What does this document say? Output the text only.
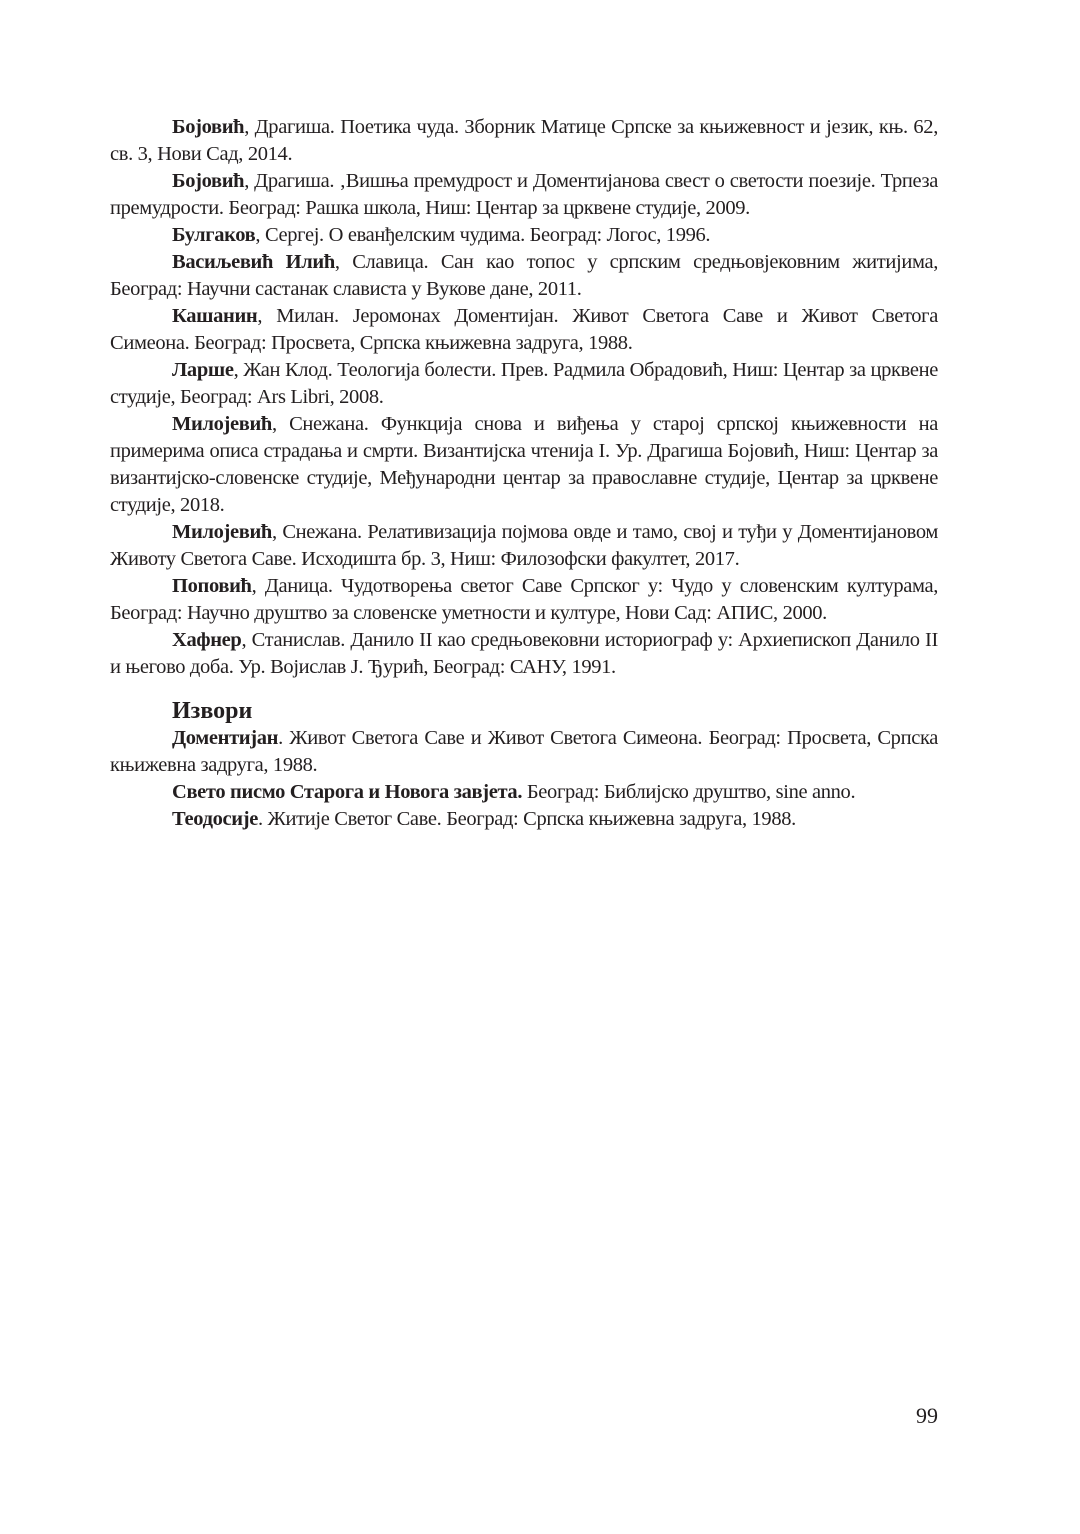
Бојовић, Драгиша. Поетика чуда. Зборник Матице Српске за књижевност и језик, књ. 62, св. 3, Нови Сад, 2014.

Бојовић, Драгиша. ‚Вишња премудрост и Доментијанова свест о светости поезије. Трпеза премудрости. Београд: Рашка школа, Ниш: Центар за црквене студије, 2009.

Булгаков, Сергеј. О еванђелским чудима. Београд: Логос, 1996.

Васиљевић Илић, Славица. Сан као топос у српским средњовјековним житијима, Београд: Научни састанак слависта у Вукове дане, 2011.

Кашанин, Милан. Јеромонах Доментијан. Живот Светога Саве и Живот Светога Симеона. Београд: Просвета, Српска књижевна задруга, 1988.

Ларше, Жан Клод. Теологија болести. Прев. Радмила Обрадовић, Ниш: Центар за црквене студије, Београд: Ars Libri, 2008.

Милојевић, Снежана. Функција снова и виђења у старој српској књижевности на примерима описа страдања и смрти. Византијска чтенија I. Ур. Драгиша Бојовић, Ниш: Центар за византијско-словенске студије, Међународни центар за православне студије, Центар за црквене студије, 2018.

Милојевић, Снежана. Релативизација појмова овде и тамо, свој и туђи у Доментијановом Животу Светога Саве. Исходишта бр. 3, Ниш: Филозофски факултет, 2017.

Поповић, Даница. Чудотворења светог Саве Српског у: Чудо у словенским културама, Београд: Научно друштво за словенске уметности и културе, Нови Сад: АПИС, 2000.

Хафнер, Станислав. Данило II као средњовековни историограф у: Архиепископ Данило II и његово доба. Ур. Војислав Ј. Ђурић, Београд: САНУ, 1991.

Извори

Доментијан. Живот Светога Саве и Живот Светога Симеона. Београд: Просвета, Српска књижевна задруга, 1988.

Свето писмо Старога и Новога завјета. Београд: Библијско друштво, sine anno.

Теодосије. Житије Светог Саве. Београд: Српска књижевна задруга, 1988.

99
